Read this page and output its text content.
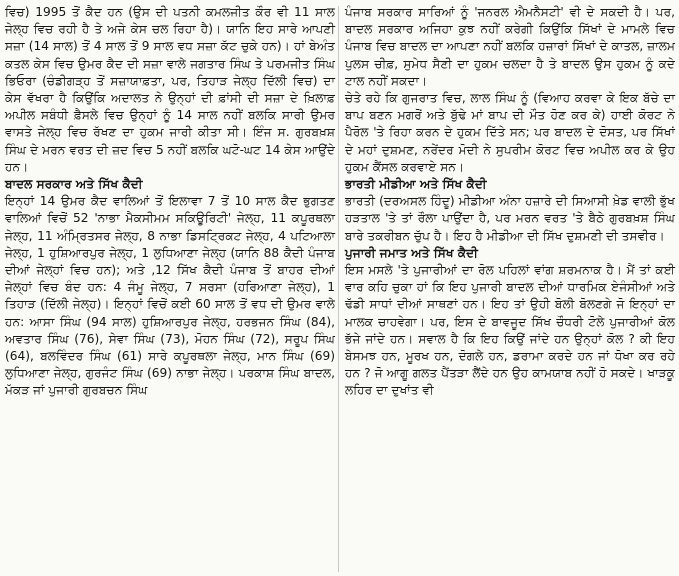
ਵਿਚ) 1995 ਤੋਂ ਕੈਦ ਹਨ (ਉਸ ਦੀ ਪਤਨੀ ਕਮਲਜੀਤ ਕੌਰ ਵੀ 11 ਸਾਲ ਜੇਲ੍ਹ ਵਿਚ ਰਹੀ ਹੈ ਤੇ ਅਜੇ ਕੇਸ ਚਲ ਰਿਹਾ ਹੈ)। ਯਾਨਿ ਇਹ ਸਾਰੇ ਆਪਣੀ ਸਜ਼ਾ (14 ਸਾਲ) ਤੋਂ 4 ਸਾਲ ਤੋਂ 9 ਸਾਲ ਵਧ ਸਜ਼ਾ ਕੱਟ ਚੁਕੇ ਹਨ)। ਹਾਂ ਬੇਅੰਤ ਕਤਲ ਕੇਸ ਵਿਚ ਉਮਰ ਕੈਦ ਦੀ ਸਜ਼ਾ ਵਾਲੇ ਜਗਤਾਰ ਸਿੰਘ ਤੇ ਪਰਮਜੀਤ ਸਿੰਘ ਭਿਓਰਾ (ਚੰਡੀਗੜ੍ਹ ਤੋਂ ਸਜ਼ਾਯਾਫ਼ਤਾ, ਪਰ, ਤਿਹਾੜ ਜੇਲ੍ਹ ਦਿੱਲੀ ਵਿਚ) ਦਾ ਕੇਸ ਵੱਖਰਾ ਹੈ ਕਿਉਂਕਿ ਅਦਾਲਤ ਨੇ ਉਨ੍ਹਾਂ ਦੀ ਫ਼ਾਂਸੀ ਦੀ ਸਜ਼ਾ ਦੇ ਖ਼ਿਲਾਫ਼ ਅਪੀਲ ਸਬੰਧੀ ਫ਼ੈਸਲੇ ਵਿਚ ਉਨ੍ਹਾਂ ਨੂੰ 14 ਸਾਲ ਨਹੀਂ ਬਲਕਿ ਸਾਰੀ ਉਮਰ ਵਾਸਤੇ ਜੇਲ੍ਹ ਵਿਚ ਰੱਖਣ ਦਾ ਹੁਕਮ ਜਾਰੀ ਕੀਤਾ ਸੀ। ਇੰਜ ਸ. ਗੁਰਬਖ਼ਸ਼ ਸਿੰਘ ਦੇ ਮਰਨ ਵਰਤ ਦੀ ਜ਼ਦ ਵਿਚ 5 ਨਹੀਂ ਬਲਕਿ ਘਟੋ-ਘਟ 14 ਕੇਸ ਆਉਂਦੇ ਹਨ।

ਬਾਦਲ ਸਰਕਾਰ ਅਤੇ ਸਿੱਖ ਕੈਦੀ

ਇਨ੍ਹਾਂ 14 ਉਮਰ ਕੈਦ ਵਾਲਿਆਂ ਤੋਂ ਇਲਾਵਾ 7 ਤੋਂ 10 ਸਾਲ ਕੈਦ ਭੁਗਤਣ ਵਾਲਿਆਂ ਵਿਚੋਂ 52 'ਨਾਭਾ ਮੈਕਸੀਮਮ ਸਕਿਊਰਿਟੀ' ਜੇਲ੍ਹ, 11 ਕਪੂਰਥਲਾ ਜੇਲ੍ਹ, 11 ਅੰਮ੍ਰਿਤਸਰ ਜੇਲ੍ਹ, 8 ਨਾਭਾ ਡਿਸਟ੍ਰਿਕਟ ਜੇਲ੍ਹ, 4 ਪਟਿਆਲਾ ਜੇਲ੍ਹ, 1 ਹੁਸ਼ਿਆਰਪੁਰ ਜੇਲ੍ਹ, 1 ਲੁਧਿਆਣਾ ਜੇਲ੍ਹ (ਯਾਨਿ 88 ਕੈਦੀ ਪੰਜਾਬ ਦੀਆਂ ਜੇਲ੍ਹਾਂ ਵਿਚ ਹਨ); ਅਤੇ ,12 ਸਿੱਖ ਕੈਦੀ ਪੰਜਾਬ ਤੋਂ ਬਾਹਰ ਦੀਆਂ ਜੇਲ੍ਹਾਂ ਵਿਚ ਬੰਦ ਹਨ: 4 ਜੰਮੂ ਜੇਲ੍ਹ, 7 ਸਰਸਾ (ਹਰਿਆਣਾ ਜੇਲ੍ਹ), 1 ਤਿਹਾੜ (ਦਿੱਲੀ ਜੇਲ੍ਹ)। ਇਨ੍ਹਾਂ ਵਿਚੋਂ ਕਈ 60 ਸਾਲ ਤੋਂ ਵਧ ਦੀ ਉਮਰ ਵਾਲੇ ਹਨ: ਆਸਾ ਸਿੰਘ (94 ਸਾਲ) ਹੁਸ਼ਿਆਰਪੁਰ ਜੇਲ੍ਹ, ਹਰਭਜਨ ਸਿੰਘ (84), ਅਵਤਾਰ ਸਿੰਘ (76), ਸੇਵਾ ਸਿੰਘ (73), ਮੋਹਨ ਸਿੰਘ (72), ਸਰੂਪ ਸਿੰਘ (64), ਬਲਵਿੰਦਰ ਸਿੰਘ (61) ਸਾਰੇ ਕਪੂਰਥਲਾ ਜੇਲ੍ਹ, ਮਾਨ ਸਿੰਘ (69) ਲੁਧਿਆਣਾ ਜੇਲ੍ਹ, ਗੁਰਜੰਟ ਸਿੰਘ (69) ਨਾਭਾ ਜੇਲ੍ਹ। ਪਰਕਾਸ਼ ਸਿੰਘ ਬਾਦਲ, ਮੱਕੜ ਜਾਂ ਪੁਜਾਰੀ ਗੁਰਬਚਨ ਸਿੰਘ

ਪੰਜਾਬ ਸਰਕਾਰ ਸਾਰਿਆਂ ਨੂੰ 'ਜਨਰਲ ਐਮਨੈਸਟੀ' ਵੀ ਦੇ ਸਕਦੀ ਹੈ। ਪਰ, ਬਾਦਲ ਸਰਕਾਰ ਅਜਿਹਾ ਕੁਝ ਨਹੀਂ ਕਰੇਗੀ ਕਿਉਂਕਿ ਸਿੱਖਾਂ ਦੇ ਮਾਮਲੇ ਵਿਚ ਪੰਜਾਬ ਵਿਚ ਬਾਦਲ ਦਾ ਆਪਣਾ ਨਹੀਂ ਬਲਕਿ ਹਜ਼ਾਰਾਂ ਸਿੱਖਾਂ ਦੇ ਕਾਤਲ, ਜ਼ਾਲਮ ਪੁਲਸ ਚੀਫ਼, ਸੁਮੇਧ ਸੈਣੀ ਦਾ ਹੁਕਮ ਚਲਦਾ ਹੈ ਤੇ ਬਾਦਲ ਉਸ ਹੁਕਮ ਨੂੰ ਕਦੇ ਟਾਲ ਨਹੀਂ ਸਕਦਾ।

ਚੇਤੇ ਰਹੇ ਕਿ ਗੁਜਰਾਤ ਵਿਚ, ਲਾਲ ਸਿੰਘ ਨੂੰ (ਵਿਆਹ ਕਰਵਾ ਕੇ ਇਕ ਬੱਚੇ ਦਾ ਬਾਪ ਬਣਨ ਮਗਰੋਂ ਅਤੇ ਬੁੱਢੇ ਮਾਂ ਬਾਪ ਦੀ ਮੌਤ ਹੋਣ ਕਰ ਕੇ) ਹਾਈ ਕੋਰਟ ਨੇ ਪੈਰੋਲ 'ਤੇ ਰਿਹਾ ਕਰਨ ਦੇ ਹੁਕਮ ਦਿੱਤੇ ਸਨ; ਪਰ ਬਾਦਲ ਦੇ ਦੋਸਤ, ਪਰ ਸਿੱਖਾਂ ਦੇ ਮਹਾਂ ਦੁਸ਼ਮਣ, ਨਰੇਂਦਰ ਮੋਦੀ ਨੇ ਸੁਪਰੀਮ ਕੋਰਟ ਵਿਚ ਅਪੀਲ ਕਰ ਕੇ ਉਹ ਹੁਕਮ ਕੈਂਸਲ ਕਰਵਾਏ ਸਨ।

ਭਾਰਤੀ ਮੀਡੀਆ ਅਤੇ ਸਿੱਖ ਕੈਦੀ

ਭਾਰਤੀ (ਦਰਅਸਲ ਹਿੰਦੂ) ਮੀਡੀਆ ਅੰਨਾ ਹਜ਼ਾਰੇ ਦੀ ਸਿਆਸੀ ਖ਼ੇਡ ਵਾਲੀ ਭੁੱਖ ਹੜਤਾਲ 'ਤੇ ਤਾਂ ਰੌਲਾ ਪਾਉਂਦਾ ਹੈ, ਪਰ ਮਰਨ ਵਰਤ 'ਤੇ ਬੈਠੇ ਗੁਰਬਖ਼ਸ਼ ਸਿੰਘ ਬਾਰੇ ਤਕਰੀਬਨ ਚੁੱਪ ਹੈ। ਇਹ ਹੈ ਮੀਡੀਆ ਦੀ ਸਿੱਖ ਦੁਸ਼ਮਣੀ ਦੀ ਤਸਵੀਰ।

ਪੁਜਾਰੀ ਜਮਾਤ ਅਤੇ ਸਿੱਖ ਕੈਦੀ

ਇਸ ਮਸਲੇ 'ਤੇ ਪੁਜਾਰੀਆਂ ਦਾ ਰੋਲ ਪਹਿਲਾਂ ਵਾਂਗ ਸ਼ਰਮਨਾਕ ਹੈ। ਮੈਂ ਤਾਂ ਕਈ ਵਾਰ ਕਹਿ ਚੁਕਾ ਹਾਂ ਕਿ ਇਹ ਪੁਜਾਰੀ ਬਾਦਲ ਦੀਆਂ ਧਾਰਮਿਕ ਏਜੰਸੀਆਂ ਅਤੇ ਢੱਡੀ ਸਾਧਾਂ ਦੀਆਂ ਸਾਥਣਾਂ ਹਨ। ਇਹ ਤਾਂ ਉਹੀ ਬੋਲੀ ਬੋਲਣਗੇ ਜੋ ਇਨ੍ਹਾਂ ਦਾ ਮਾਲਕ ਚਾਹਵੇਗਾ। ਪਰ, ਇਸ ਦੇ ਬਾਵਜੂਦ ਸਿੱਖ ਚੌਧਰੀ ਟੋਲੇ ਪੁਜਾਰੀਆਂ ਕੋਲ ਭੱਜੇ ਜਾਂਦੇ ਹਨ। ਸਵਾਲ ਹੈ ਕਿ ਇਹ ਕਿਉਂ ਜਾਂਦੇ ਹਨ ਉਨ੍ਹਾਂ ਕੋਲ ? ਕੀ ਇਹ ਬੇਸਮਝ ਹਨ, ਮੂਰਖ ਹਨ, ਦੋਗਲੇ ਹਨ, ਡਰਾਮਾ ਕਰਦੇ ਹਨ ਜਾਂ ਧੋਖਾ ਕਰ ਰਹੇ ਹਨ ? ਜੋ ਆਗੂ ਗਲਤ ਪੈਂਤੜਾ ਲੈਂਦੇ ਹਨ ਉਹ ਕਾਮਯਾਬ ਨਹੀਂ ਹੋ ਸਕਦੇ। ਖਾੜਕੂ ਲਹਿਰ ਦਾ ਦੁਖਾਂਤ ਵੀ
